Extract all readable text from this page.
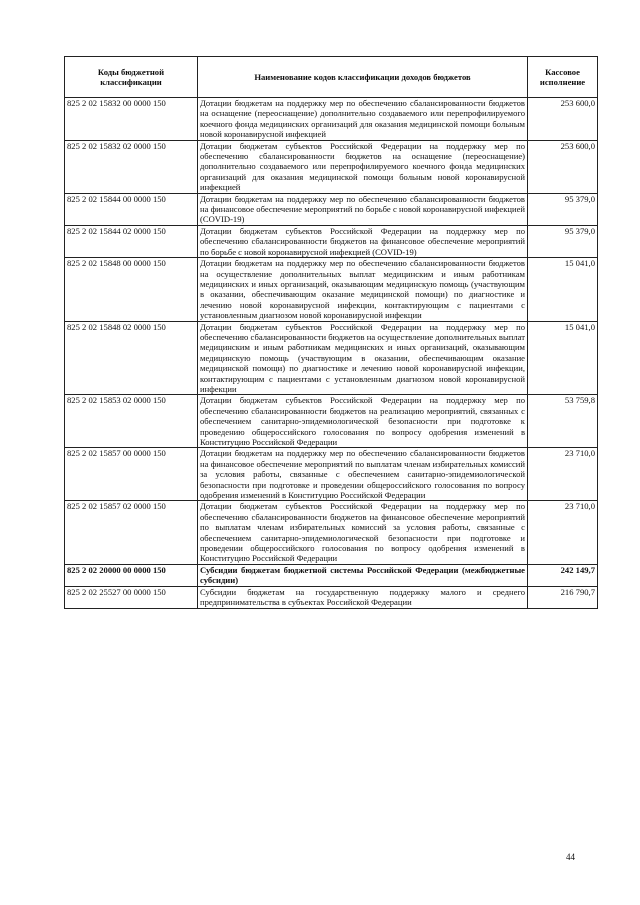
Коды бюджетной классификации	Наименование кодов классификации доходов бюджетов	Кассовое исполнение
825 2 02 15832 00 0000 150	Дотации бюджетам на поддержку мер по обеспечению сбалансированности бюджетов на оснащение (переоснащение) дополнительно создаваемого или перепрофилируемого коечного фонда медицинских организаций для оказания медицинской помощи больным новой коронавирусной инфекцией	253 600,0
825 2 02 15832 02 0000 150	Дотации бюджетам субъектов Российской Федерации на поддержку мер по обеспечению сбалансированности бюджетов на оснащение (переоснащение) дополнительно создаваемого или перепрофилируемого коечного фонда медицинских организаций для оказания медицинской помощи больным новой коронавирусной инфекцией	253 600,0
825 2 02 15844 00 0000 150	Дотации бюджетам на поддержку мер по обеспечению сбалансированности бюджетов на финансовое обеспечение мероприятий по борьбе с новой коронавирусной инфекцией (COVID-19)	95 379,0
825 2 02 15844 02 0000 150	Дотации бюджетам субъектов Российской Федерации на поддержку мер по обеспечению сбалансированности бюджетов на финансовое обеспечение мероприятий по борьбе с новой коронавирусной инфекцией (COVID-19)	95 379,0
825 2 02 15848 00 0000 150	Дотации бюджетам на поддержку мер по обеспечению сбалансированности бюджетов на осуществление дополнительных выплат медицинским и иным работникам медицинских и иных организаций, оказывающим медицинскую помощь (участвующим в оказании, обеспечивающим оказание медицинской помощи) по диагностике и лечению новой коронавирусной инфекции, контактирующим с пациентами с установленным диагнозом новой коронавирусной инфекции	15 041,0
825 2 02 15848 02 0000 150	Дотации бюджетам субъектов Российской Федерации на поддержку мер по обеспечению сбалансированности бюджетов на осуществление дополнительных выплат медицинским и иным работникам медицинских и иных организаций, оказывающим медицинскую помощь (участвующим в оказании, обеспечивающим оказание медицинской помощи) по диагностике и лечению новой коронавирусной инфекции, контактирующим с пациентами с установленным диагнозом новой коронавирусной инфекции	15 041,0
825 2 02 15853 02 0000 150	Дотации бюджетам субъектов Российской Федерации на поддержку мер по обеспечению сбалансированности бюджетов на реализацию мероприятий, связанных с обеспечением санитарно-эпидемиологической безопасности при подготовке к проведению общероссийского голосования по вопросу одобрения изменений в Конституцию Российской Федерации	53 759,8
825 2 02 15857 00 0000 150	Дотации бюджетам на поддержку мер по обеспечению сбалансированности бюджетов на финансовое обеспечение мероприятий по выплатам членам избирательных комиссий за условия работы, связанные с обеспечением санитарно-эпидемиологической безопасности при подготовке и проведении общероссийского голосования по вопросу одобрения изменений в Конституцию Российской Федерации	23 710,0
825 2 02 15857 02 0000 150	Дотации бюджетам субъектов Российской Федерации на поддержку мер по обеспечению сбалансированности бюджетов на финансовое обеспечение мероприятий по выплатам членам избирательных комиссий за условия работы, связанные с обеспечением санитарно-эпидемиологической безопасности при подготовке и проведении общероссийского голосования по вопросу одобрения изменений в Конституцию Российской Федерации	23 710,0
825 2 02 20000 00 0000 150	Субсидии бюджетам бюджетной системы Российской Федерации (межбюджетные субсидии)	242 149,7
825 2 02 25527 00 0000 150	Субсидии бюджетам на государственную поддержку малого и среднего предпринимательства в субъектах Российской Федерации	216 790,7
44
